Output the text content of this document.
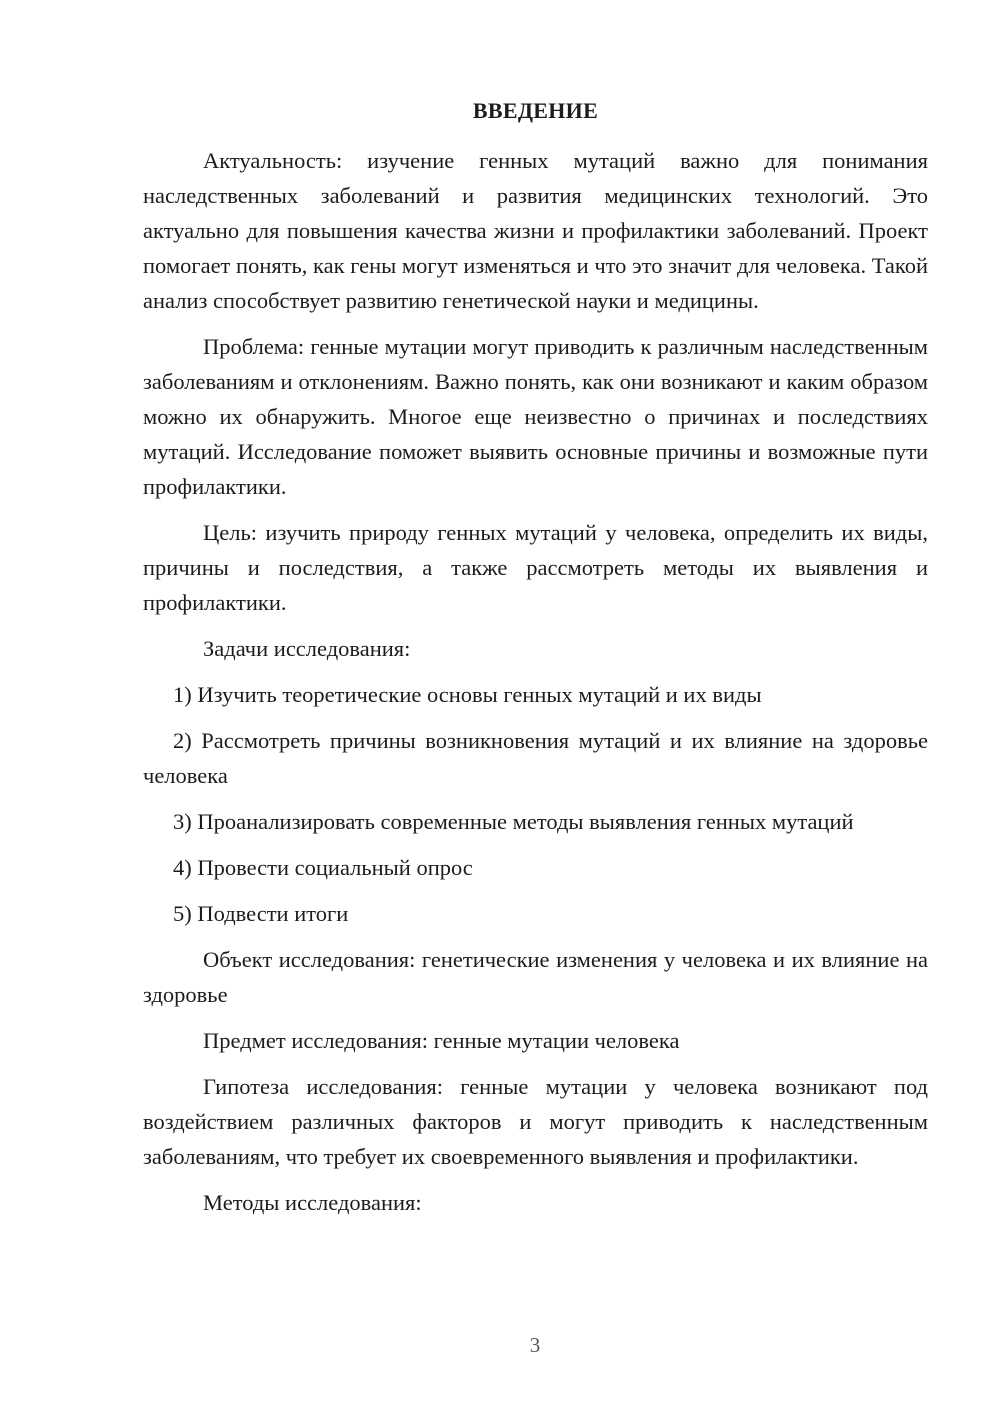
ВВЕДЕНИЕ

Актуальность: изучение генных мутаций важно для понимания наследственных заболеваний и развития медицинских технологий. Это актуально для повышения качества жизни и профилактики заболеваний. Проект помогает понять, как гены могут изменяться и что это значит для человека. Такой анализ способствует развитию генетической науки и медицины.

Проблема: генные мутации могут приводить к различным наследственным заболеваниям и отклонениям. Важно понять, как они возникают и каким образом можно их обнаружить. Многое еще неизвестно о причинах и последствиях мутаций. Исследование поможет выявить основные причины и возможные пути профилактики.

Цель: изучить природу генных мутаций у человека, определить их виды, причины и последствия, а также рассмотреть методы их выявления и профилактики.

Задачи исследования:

1) Изучить теоретические основы генных мутаций и их виды

2) Рассмотреть причины возникновения мутаций и их влияние на здоровье человека

3) Проанализировать современные методы выявления генных мутаций

4) Провести социальный опрос

5) Подвести итоги

Объект исследования: генетические изменения у человека и их влияние на здоровье

Предмет исследования: генные мутации человека

Гипотеза исследования: генные мутации у человека возникают под воздействием различных факторов и могут приводить к наследственным заболеваниям, что требует их своевременного выявления и профилактики.

Методы исследования:

3
